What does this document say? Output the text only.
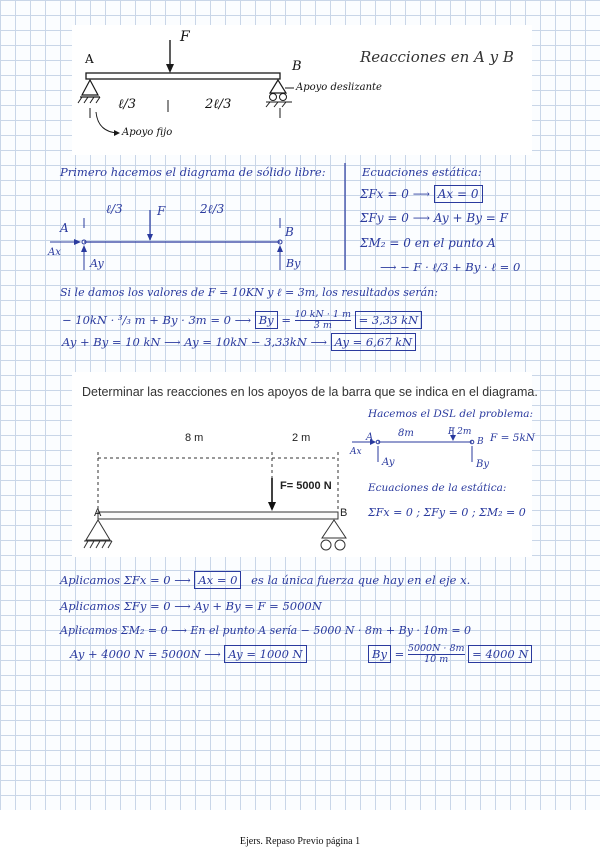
A
F
B
ℓ/3	2ℓ/3
Apoyo deslizante
Apoyo fijo
Reacciones en A y B
Primero hacemos el diagrama de sólido libre:
ℓ/3	F	2ℓ/3
A	B
Ax
Ay	By
Ecuaciones estática:
ΣFx = 0 ⟶ Ax = 0
ΣFy = 0 ⟶ Ay + By = F
ΣM₂ = 0 en el punto A
⟶ − F · ℓ/3 + By · ℓ = 0
Si le damos los valores de F = 10KN y ℓ = 3m, los resultados serán:
− 10kN · ³/₃ m + By · 3m = 0 ⟶ $By = \frac{10 kN \cdot 1 m}{3 m} = 3,33$ kN
Ay + By = 10 kN ⟶ Ay = 10kN − 3,33kN ⟶ Ay = 6,67 kN
Determinar las reacciones en los apoyos de la barra que se indica en el diagrama.
8 m	2 m
F= 5000 N
A	B
Hacemos el DSL del problema:
A 8m	F 2m
B F = 5kN
Ax
Ay	By
Ecuaciones de la estática:
ΣFx = 0 ; ΣFy = 0 ; ΣM₂ = 0
Aplicamos ΣFx = 0 ⟶ Ax = 0 es la única fuerza que hay en el eje x.
Aplicamos ΣFy = 0 ⟶ Ay + By = F = 5000N
Aplicamos ΣM₂ = 0 ⟶ En el punto A sería − 5000 N · 8m + By · 10m = 0
Ay + 4000 N = 5000N ⟶ Ay = 1000 N	$By = \frac{5000N \cdot 8m}{10 m} = 4000$ N
Ejers. Repaso Previo página 1
